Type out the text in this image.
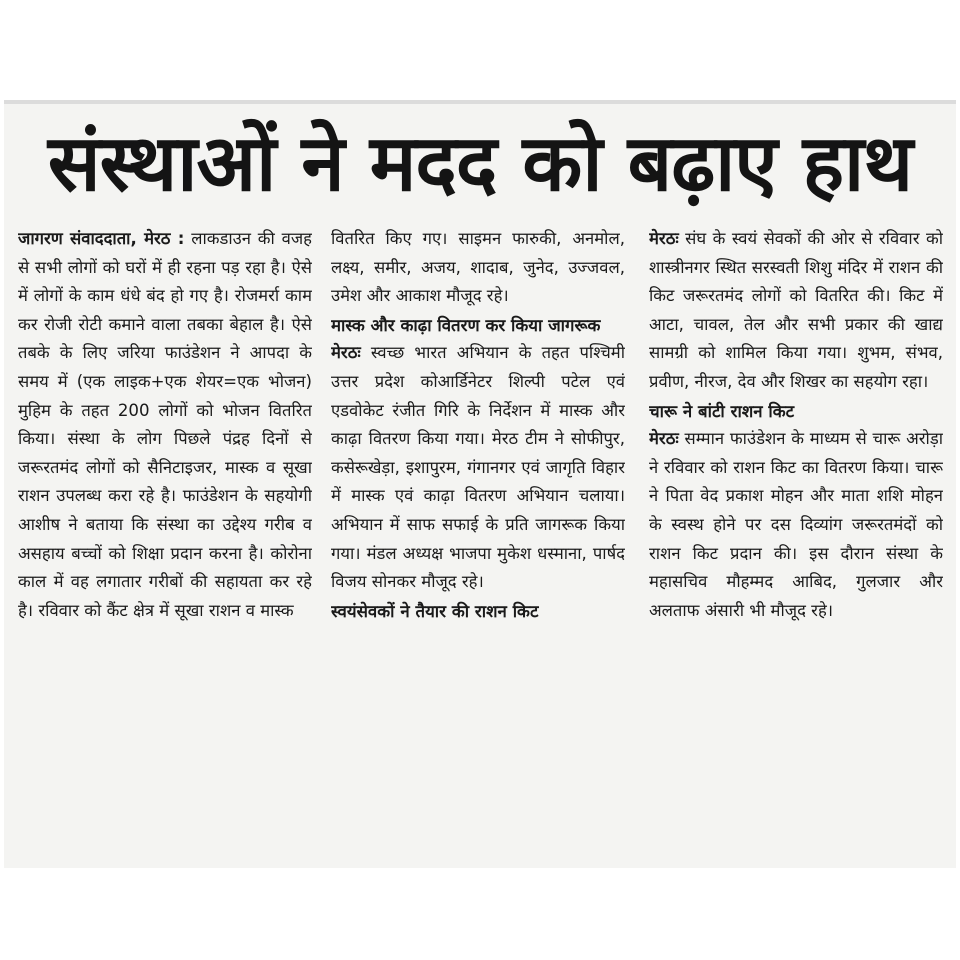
संस्थाओं ने मदद को बढ़ाए हाथ

जागरण संवाददाता, मेरठ : लाकडाउन की वजह से सभी लोगों को घरों में ही रहना पड़ रहा है। ऐसे में लोगों के काम धंधे बंद हो गए है। रोजमर्रा काम कर रोजी रोटी कमाने वाला तबका बेहाल है। ऐसे तबके के लिए जरिया फाउंडेशन ने आपदा के समय में (एक लाइक+एक शेयर=एक भोजन) मुहिम के तहत 200 लोगों को भोजन वितरित किया। संस्था के लोग पिछले पंद्रह दिनों से जरूरतमंद लोगों को सैनिटाइजर, मास्क व सूखा राशन उपलब्ध करा रहे है। फाउंडेशन के सहयोगी आशीष ने बताया कि संस्था का उद्देश्य गरीब व असहाय बच्चों को शिक्षा प्रदान करना है। कोरोना काल में वह लगातार गरीबों की सहायता कर रहे है। रविवार को कैंट क्षेत्र में सूखा राशन व मास्क

वितरित किए गए। साइमन फारुकी, अनमोल, लक्ष्य, समीर, अजय, शादाब, जुनेद, उज्जवल, उमेश और आकाश मौजूद रहे।

मास्क और काढ़ा वितरण कर किया जागरूक

मेरठः स्वच्छ भारत अभियान के तहत पश्चिमी उत्तर प्रदेश कोआर्डिनेटर शिल्पी पटेल एवं एडवोकेट रंजीत गिरि के निर्देशन में मास्क और काढ़ा वितरण किया गया। मेरठ टीम ने सोफीपुर, कसेरूखेड़ा, इशापुरम, गंगानगर एवं जागृति विहार में मास्क एवं काढ़ा वितरण अभियान चलाया। अभियान में साफ सफाई के प्रति जागरूक किया गया। मंडल अध्यक्ष भाजपा मुकेश धस्माना, पार्षद विजय सोनकर मौजूद रहे।

स्वयंसेवकों ने तैयार की राशन किट

मेरठः संघ के स्वयं सेवकों की ओर से रविवार को शास्त्रीनगर स्थित सरस्वती शिशु मंदिर में राशन की किट जरूरतमंद लोगों को वितरित की। किट में आटा, चावल, तेल और सभी प्रकार की खाद्य सामग्री को शामिल किया गया। शुभम, संभव, प्रवीण, नीरज, देव और शिखर का सहयोग रहा।

चारू ने बांटी राशन किट

मेरठः सम्मान फाउंडेशन के माध्यम से चारू अरोड़ा ने रविवार को राशन किट का वितरण किया। चारू ने पिता वेद प्रकाश मोहन और माता शशि मोहन के स्वस्थ होने पर दस दिव्यांग जरूरतमंदों को राशन किट प्रदान की। इस दौरान संस्था के महासचिव मौहम्मद आबिद, गुलजार और अलताफ अंसारी भी मौजूद रहे।
